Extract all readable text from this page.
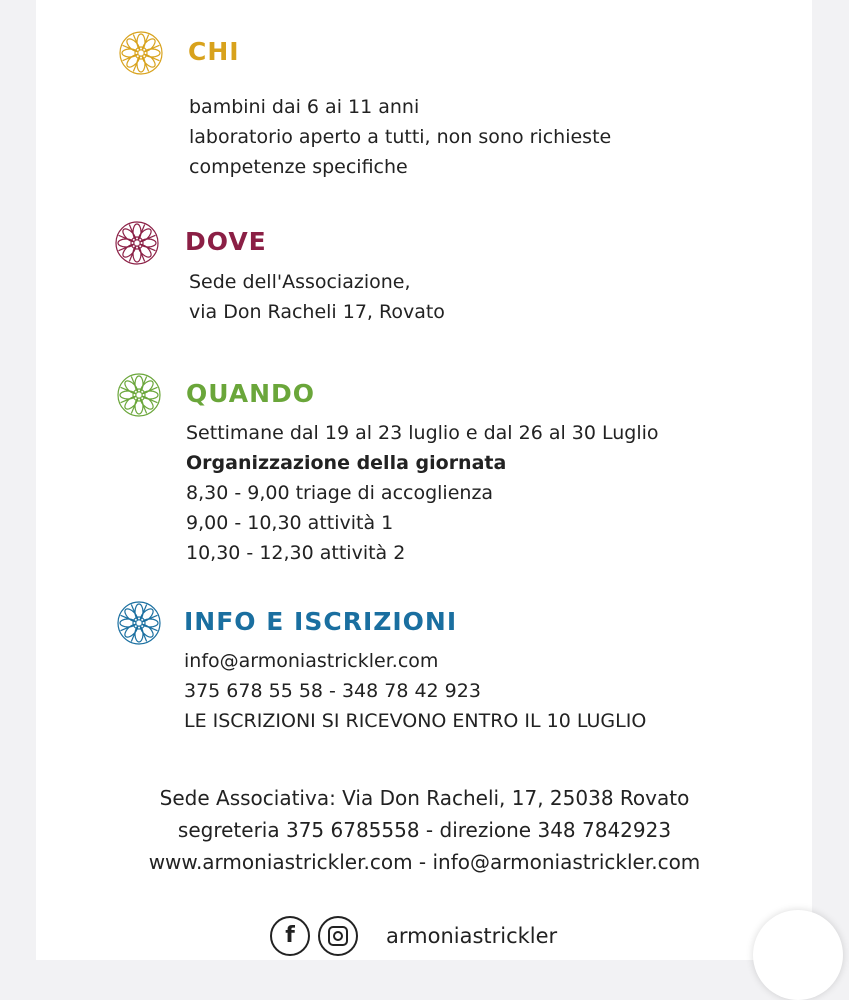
CHI
bambini dai 6 ai 11 anni
laboratorio aperto a tutti, non sono richieste
competenze specifiche
DOVE
Sede dell'Associazione,
via Don Racheli 17, Rovato
QUANDO
Settimane dal 19 al 23 luglio e dal 26 al 30 Luglio
Organizzazione della giornata
8,30 - 9,00 triage di accoglienza
9,00 - 10,30 attività 1
10,30 - 12,30 attività 2
INFO E ISCRIZIONI
info@armoniastrickler.com
375 678 55 58 - 348 78 42 923
LE ISCRIZIONI SI RICEVONO ENTRO IL 10 LUGLIO
Sede Associativa: Via Don Racheli, 17, 25038 Rovato
segreteria 375 6785558 - direzione 348 7842923
www.armoniastrickler.com - info@armoniastrickler.com
f	armoniastrickler
